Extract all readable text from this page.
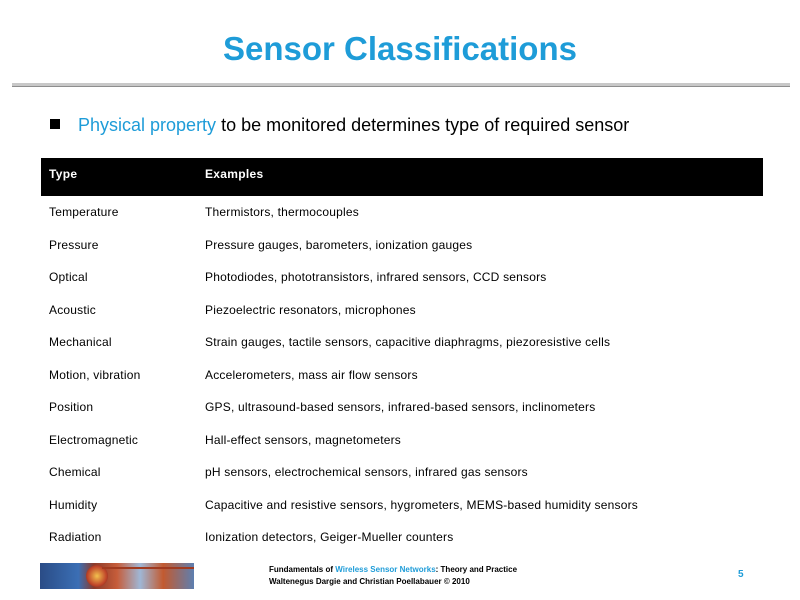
Sensor Classifications
Physical property to be monitored determines type of required sensor
Type	Examples
Temperature	Thermistors, thermocouples
Pressure	Pressure gauges, barometers, ionization gauges
Optical	Photodiodes, phototransistors, infrared sensors, CCD sensors
Acoustic	Piezoelectric resonators, microphones
Mechanical	Strain gauges, tactile sensors, capacitive diaphragms, piezoresistive cells
Motion, vibration	Accelerometers, mass air flow sensors
Position	GPS, ultrasound-based sensors, infrared-based sensors, inclinometers
Electromagnetic	Hall-effect sensors, magnetometers
Chemical	pH sensors, electrochemical sensors, infrared gas sensors
Humidity	Capacitive and resistive sensors, hygrometers, MEMS-based humidity sensors
Radiation	Ionization detectors, Geiger-Mueller counters
Fundamentals of Wireless Sensor Networks: Theory and Practice
Waltenegus Dargie and Christian Poellabauer © 2010
5
